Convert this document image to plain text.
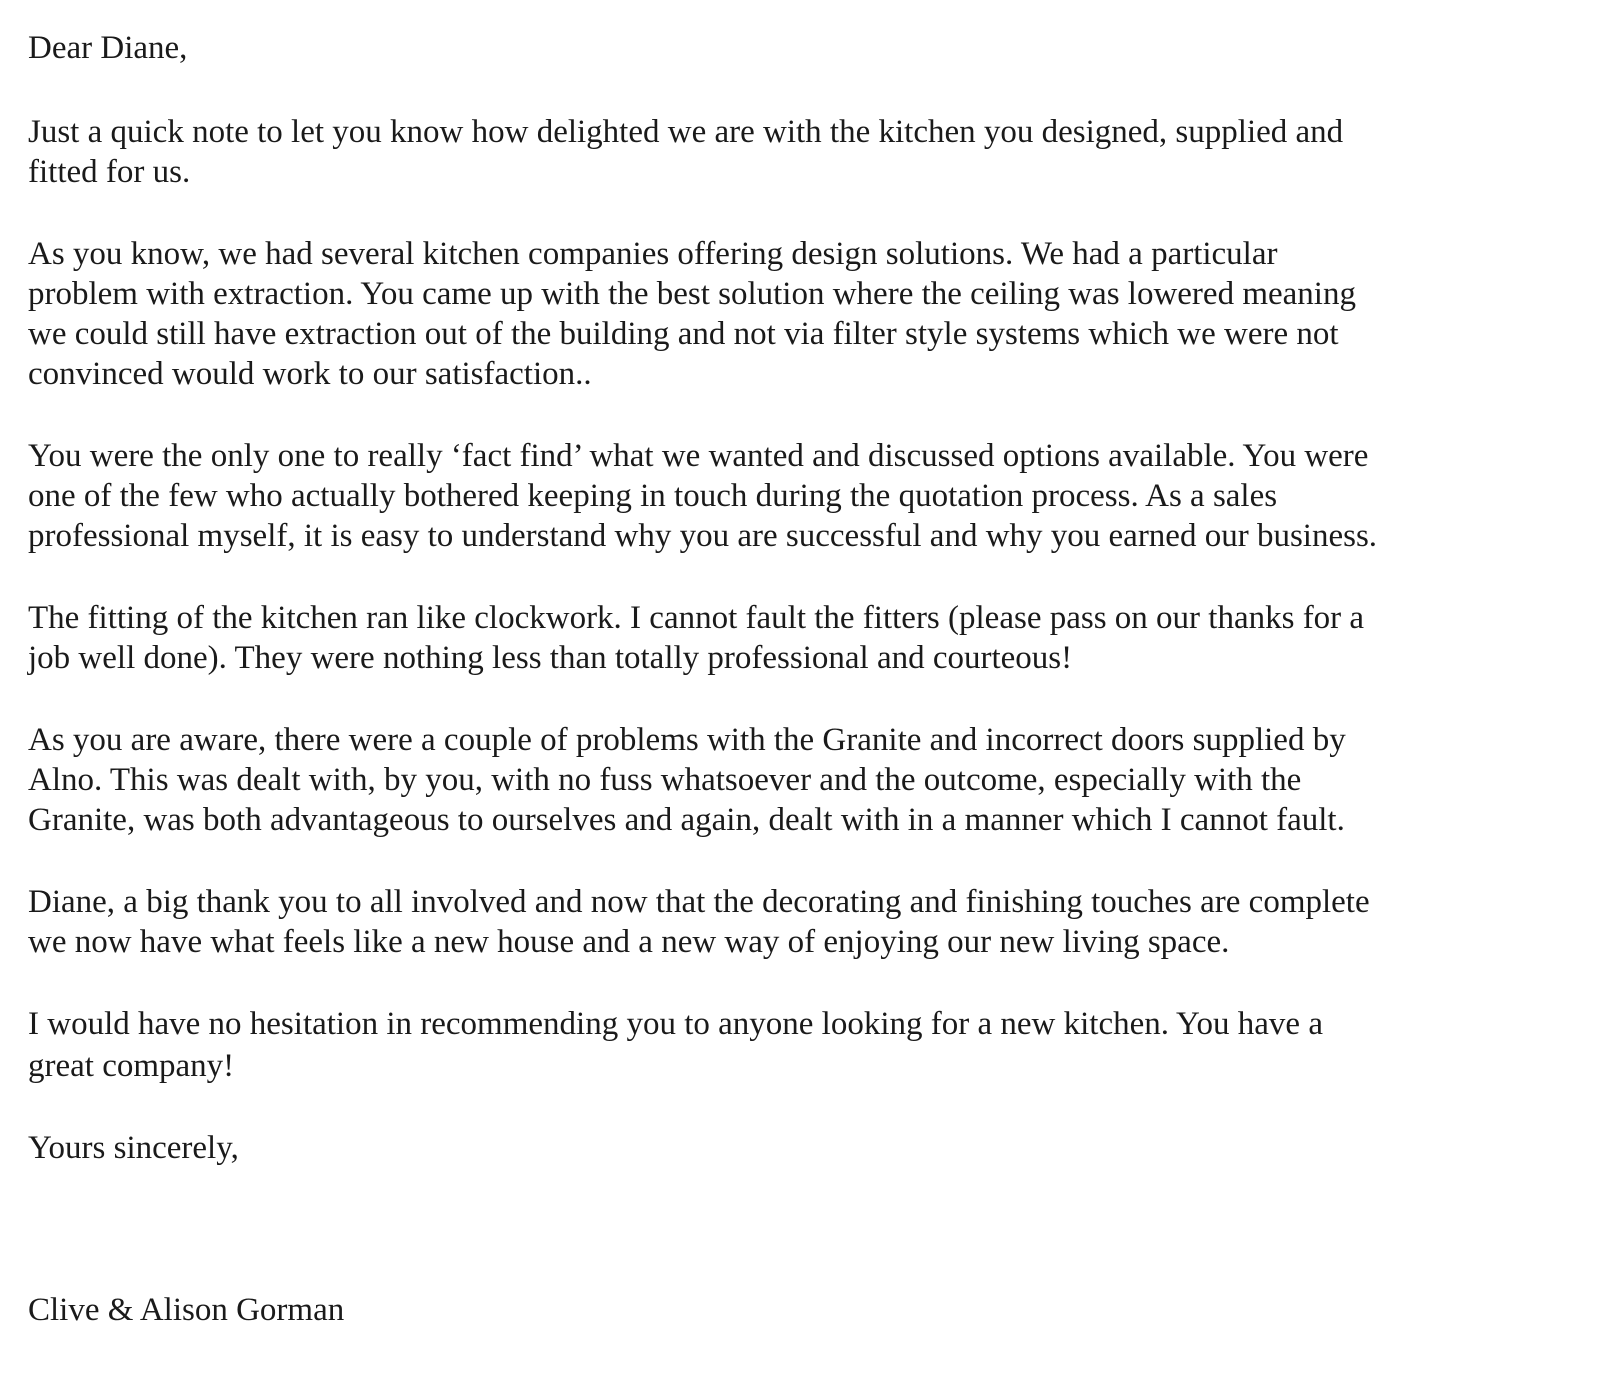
Dear Diane,
Just a quick note to let you know how delighted we are with the kitchen you designed, supplied and
fitted for us.
As you know, we had several kitchen companies offering design solutions. We had a particular
problem with extraction. You came up with the best solution where the ceiling was lowered meaning
we could still have extraction out of the building and not via filter style systems which we were not
convinced would work to our satisfaction..
You were the only one to really ‘fact find’ what we wanted and discussed options available. You were
one of the few who actually bothered keeping in touch during the quotation process. As a sales
professional myself, it is easy to understand why you are successful and why you earned our business.
The fitting of the kitchen ran like clockwork. I cannot fault the fitters (please pass on our thanks for a
job well done). They were nothing less than totally professional and courteous!
As you are aware, there were a couple of problems with the Granite and incorrect doors supplied by
Alno. This was dealt with, by you, with no fuss whatsoever and the outcome, especially with the
Granite, was both advantageous to ourselves and again, dealt with in a manner which I cannot fault.
Diane, a big thank you to all involved and now that the decorating and finishing touches are complete
we now have what feels like a new house and a new way of enjoying our new living space.
I would have no hesitation in recommending you to anyone looking for a new kitchen. You have a
great company!
Yours sincerely,
Clive & Alison Gorman
